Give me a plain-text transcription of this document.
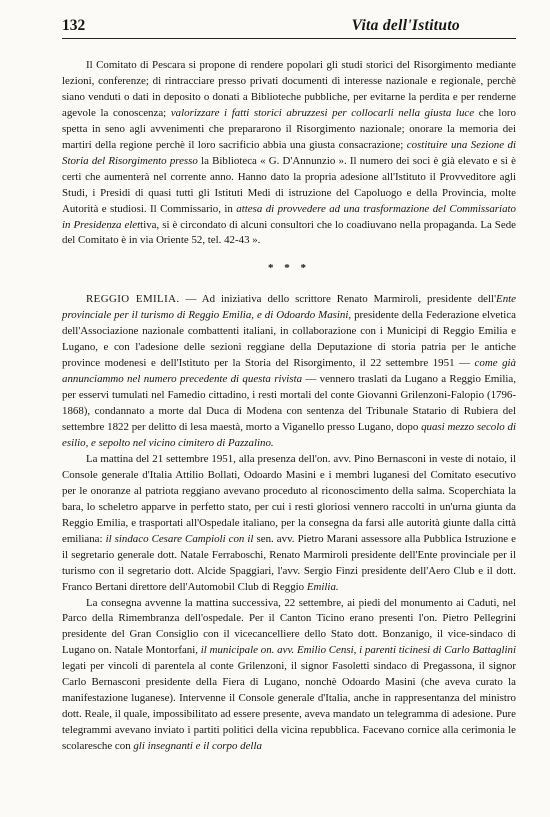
132	Vita dell'Istituto

Il Comitato di Pescara si propone di rendere popolari gli studi storici del Risorgimento mediante lezioni, conferenze; di rintracciare presso privati documenti di interesse nazionale e regionale, perchè siano venduti o dati in deposito o donati a Biblioteche pubbliche, per evitarne la perdita e per renderne agevole la conoscenza; valorizzare i fatti storici abruzzesi per collocarli nella giusta luce che loro spetta in seno agli avvenimenti che prepararono il Risorgimento nazionale; onorare la memoria dei martiri della regione perchè il loro sacrificio abbia una giusta consacrazione; costituire una Sezione di Storia del Risorgimento presso la Biblioteca « G. D'Annunzio ». Il numero dei soci è già elevato e si è certi che aumenterà nel corrente anno. Hanno dato la propria adesione all'Istituto il Provveditore agli Studi, i Presidi di quasi tutti gli Istituti Medi di istruzione del Capoluogo e della Provincia, molte Autorità e studiosi. Il Commissario, in attesa di provvedere ad una trasformazione del Commissariato in Presidenza elettiva, si è circondato di alcuni consultori che lo coadiuvano nella propaganda. La Sede del Comitato è in via Oriente 52, tel. 42-43 ».

* * *

REGGIO EMILIA. — Ad iniziativa dello scrittore Renato Marmiroli, presidente dell'Ente provinciale per il turismo di Reggio Emilia, e di Odoardo Masini, presidente della Federazione elvetica dell'Associazione nazionale combattenti italiani, in collaborazione con i Municipi di Reggio Emilia e Lugano, e con l'adesione delle sezioni reggiane della Deputazione di storia patria per le antiche province modenesi e dell'Istituto per la Storia del Risorgimento, il 22 settembre 1951 — come già annunciammo nel numero precedente di questa rivista — vennero traslati da Lugano a Reggio Emilia, per esservi tumulati nel Famedio cittadino, i resti mortali del conte Giovanni Grilenzoni-Falopio (1796-1868), condannato a morte dal Duca di Modena con sentenza del Tribunale Statario di Rubiera del settembre 1822 per delitto di lesa maestà, morto a Viganello presso Lugano, dopo quasi mezzo secolo di esilio, e sepolto nel vicino cimitero di Pazzalino.

La mattina del 21 settembre 1951, alla presenza dell'on. avv. Pino Bernasconi in veste di notaio, il Console generale d'Italia Attilio Bollati, Odoardo Masini e i membri luganesi del Comitato esecutivo per le onoranze al patriota reggiano avevano proceduto al riconoscimento della salma. Scoperchiata la bara, lo scheletro apparve in perfetto stato, per cui i resti gloriosi vennero raccolti in un'urna giunta da Reggio Emilia, e trasportati all'Ospedale italiano, per la consegna da farsi alle autorità giunte dalla città emiliana: il sindaco Cesare Campioli con il sen. avv. Pietro Marani assessore alla Pubblica Istruzione e il segretario generale dott. Natale Ferraboschi, Renato Marmiroli presidente dell'Ente provinciale per il turismo con il segretario dott. Alcide Spaggiari, l'avv. Sergio Finzi presidente dell'Aero Club e il dott. Franco Bertani direttore dell'Automobil Club di Reggio Emilia.

La consegna avvenne la mattina successiva, 22 settembre, ai piedi del monumento ai Caduti, nel Parco della Rimembranza dell'ospedale. Per il Canton Ticino erano presenti l'on. Pietro Pellegrini presidente del Gran Consiglio con il vicecancelliere dello Stato dott. Bonzanigo, il vice-sindaco di Lugano on. Natale Montorfani, il municipale on. avv. Emilio Censi, i parenti ticinesi di Carlo Battaglini legati per vincoli di parentela al conte Grilenzoni, il signor Fasoletti sindaco di Pregassona, il signor Carlo Bernasconi presidente della Fiera di Lugano, nonchè Odoardo Masini (che aveva curato la manifestazione luganese). Intervenne il Console generale d'Italia, anche in rappresentanza del ministro dott. Reale, il quale, impossibilitato ad essere presente, aveva mandato un telegramma di adesione. Pure telegrammi avevano inviato i partiti politici della vicina repubblica. Facevano cornice alla cerimonia le scolaresche con gli insegnanti e il corpo della
